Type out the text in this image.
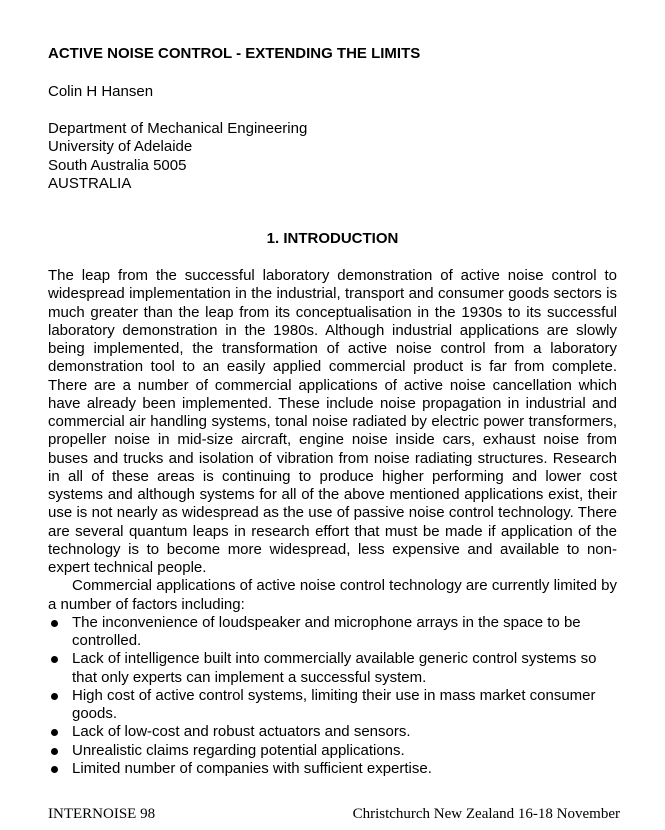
ACTIVE NOISE CONTROL - EXTENDING THE LIMITS
Colin H Hansen
Department of Mechanical Engineering
University of Adelaide
South Australia 5005
AUSTRALIA
1. INTRODUCTION

The leap from the successful laboratory demonstration of active noise control to widespread implementation in the industrial, transport and consumer goods sectors is much greater than the leap from its conceptualisation in the 1930s to its successful laboratory demonstration in the 1980s. Although industrial applications are slowly being implemented, the transformation of active noise control from a laboratory demonstration tool to an easily applied commercial product is far from complete. There are a number of commercial applications of active noise cancellation which have already been implemented. These include noise propagation in industrial and commercial air handling systems, tonal noise radiated by electric power transformers, propeller noise in mid-size aircraft, engine noise inside cars, exhaust noise from buses and trucks and isolation of vibration from noise radiating structures. Research in all of these areas is continuing to produce higher performing and lower cost systems and although systems for all of the above mentioned applications exist, their use is not nearly as widespread as the use of passive noise control technology. There are several quantum leaps in research effort that must be made if application of the technology is to become more widespread, less expensive and available to non-expert technical people.

Commercial applications of active noise control technology are currently limited by a number of factors including:

The inconvenience of loudspeaker and microphone arrays in the space to be controlled.
Lack of intelligence built into commercially available generic control systems so that only experts can implement a successful system.
High cost of active control systems, limiting their use in mass market consumer goods.
Lack of low-cost and robust actuators and sensors.
Unrealistic claims regarding potential applications.
Limited number of companies with sufficient expertise.
INTERNOISE 98	Christchurch New Zealand 16-18 November
